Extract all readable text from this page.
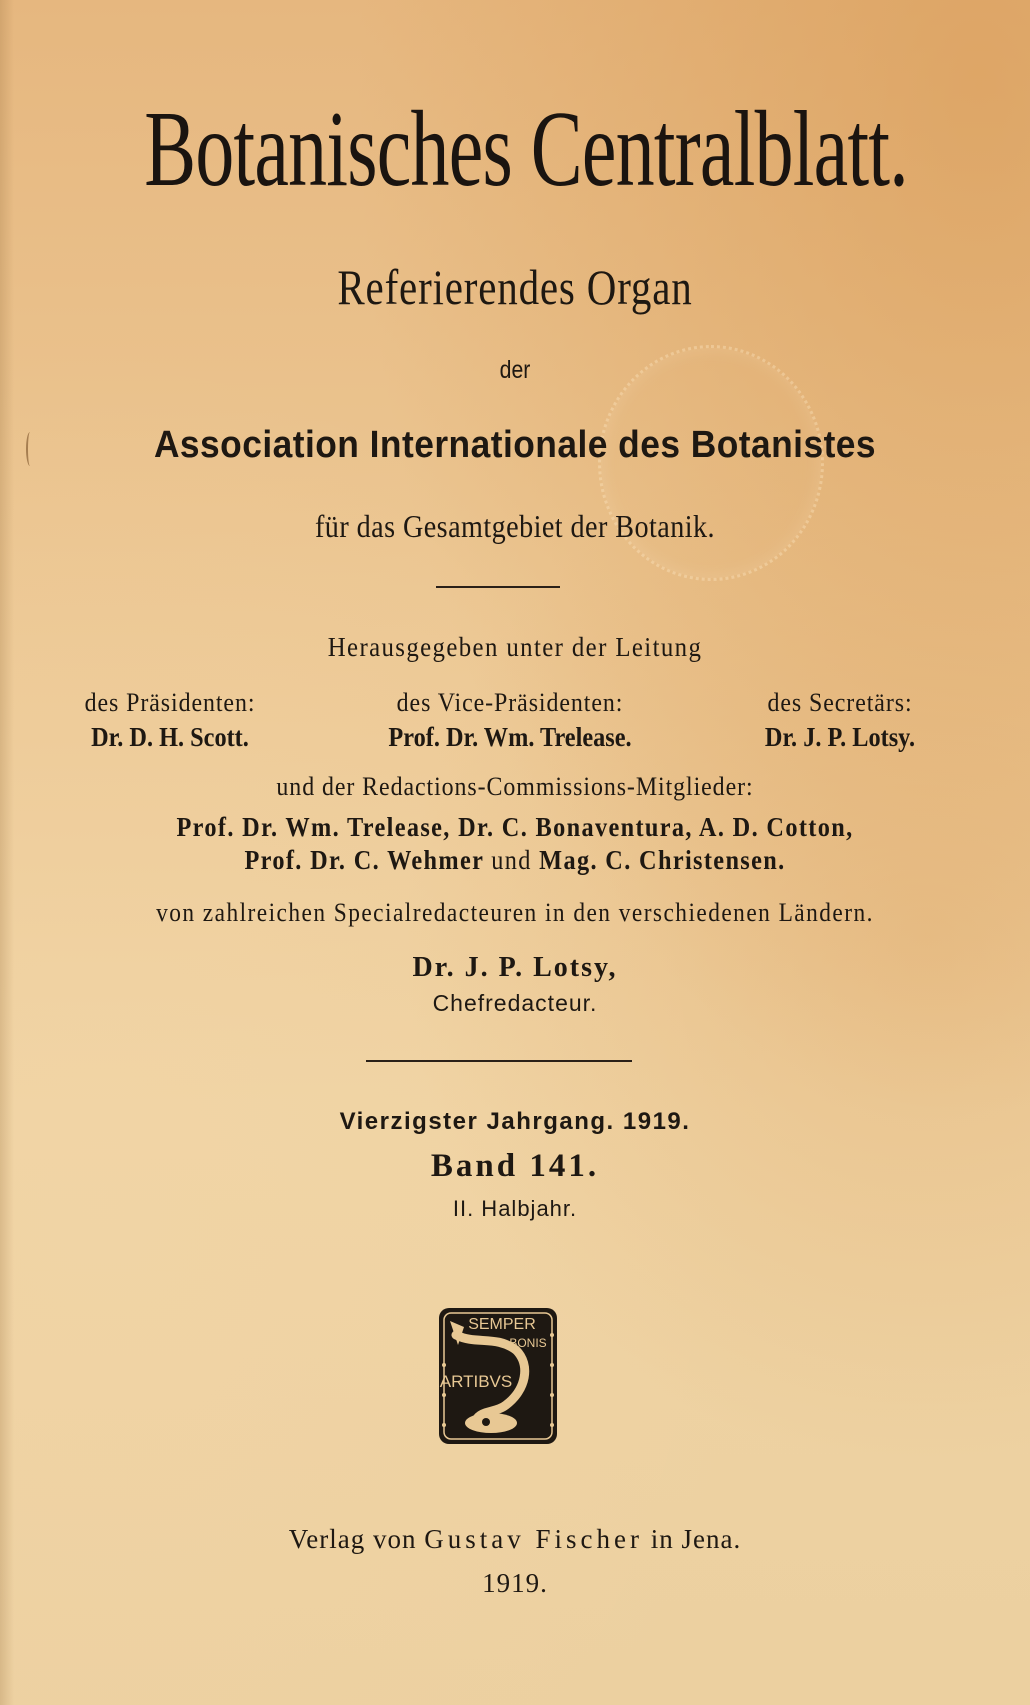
Botanisches Centralblatt.
Referierendes Organ
der
Association Internationale des Botanistes
für das Gesamtgebiet der Botanik.
Herausgegeben unter der Leitung
des Präsidenten:
Dr. D. H. Scott.
des Vice-Präsidenten:
Prof. Dr. Wm. Trelease.
des Secretärs:
Dr. J. P. Lotsy.
und der Redactions-Commissions-Mitglieder:
Prof. Dr. Wm. Trelease, Dr. C. Bonaventura, A. D. Cotton,
Prof. Dr. C. Wehmer und Mag. C. Christensen.
von zahlreichen Specialredacteuren in den verschiedenen Ländern.
Dr. J. P. Lotsy,
Chefredacteur.
Vierzigster Jahrgang. 1919.
Band 141.
II. Halbjahr.
SEMPER
BONIS
ARTIBVS
Verlag von Gustav Fischer in Jena.
1919.
